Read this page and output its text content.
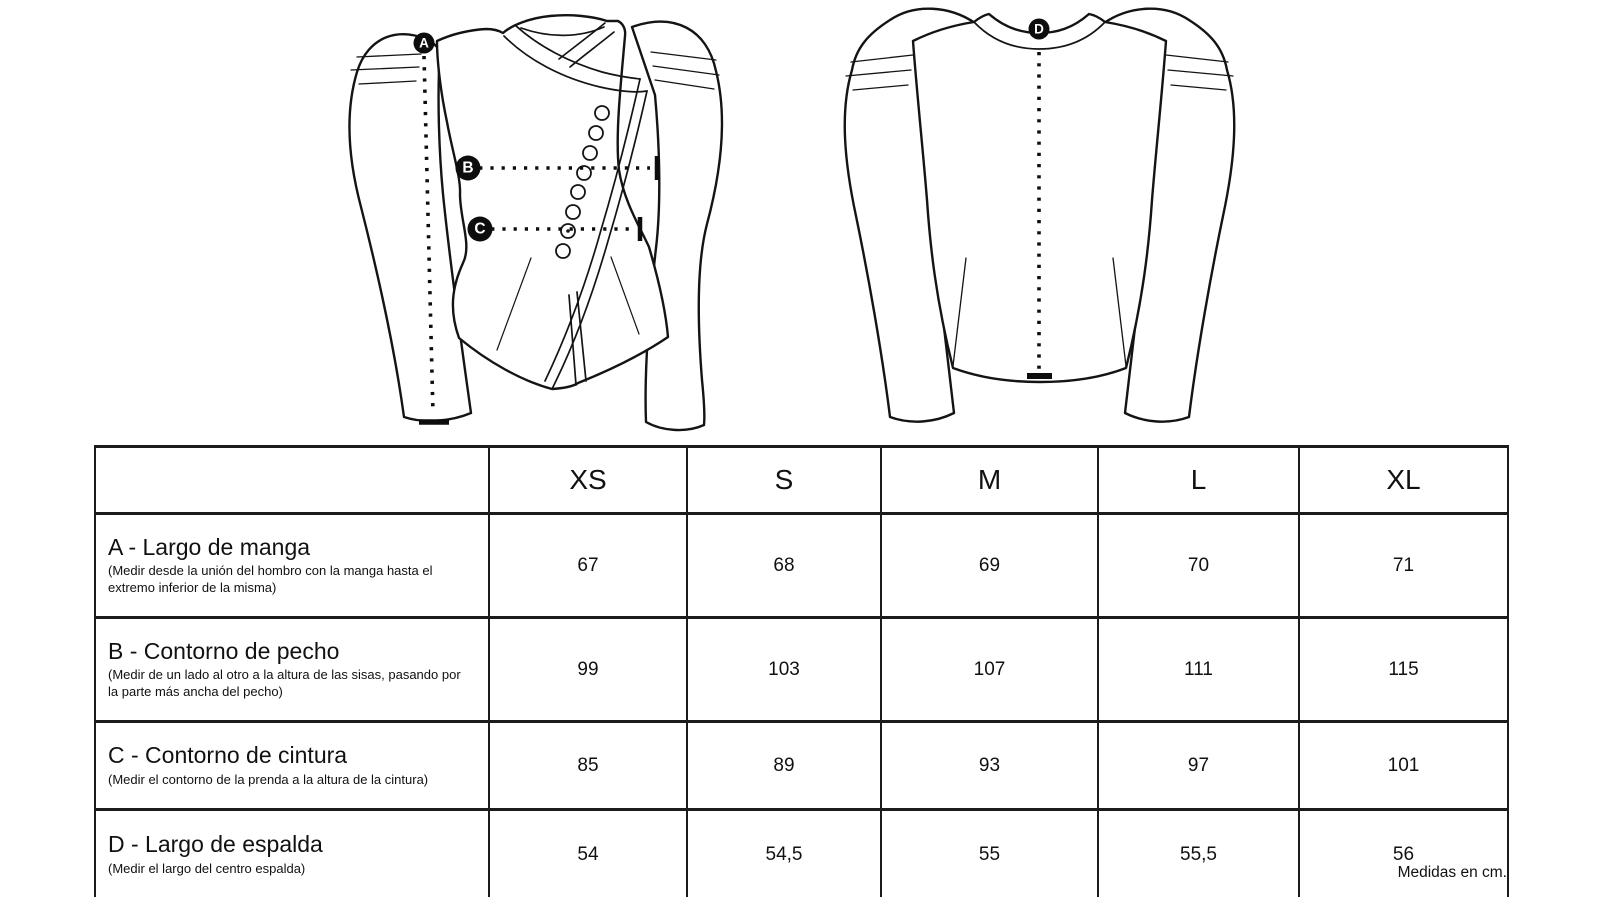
A
B
C
D
	XS	S	M	L	XL

A - Largo de manga
(Medir desde la unión del hombro con la manga hasta el extremo inferior de la misma)	67	68	69	70	71

B - Contorno de pecho
(Medir de un lado al otro a la altura de las sisas, pasando por la parte más ancha del pecho)	99	103	107	111	115

C - Contorno de cintura
(Medir el contorno de la prenda a la altura de la cintura)	85	89	93	97	101

D - Largo de espalda
(Medir el largo del centro espalda)	54	54,5	55	55,5	56
Medidas en cm.
